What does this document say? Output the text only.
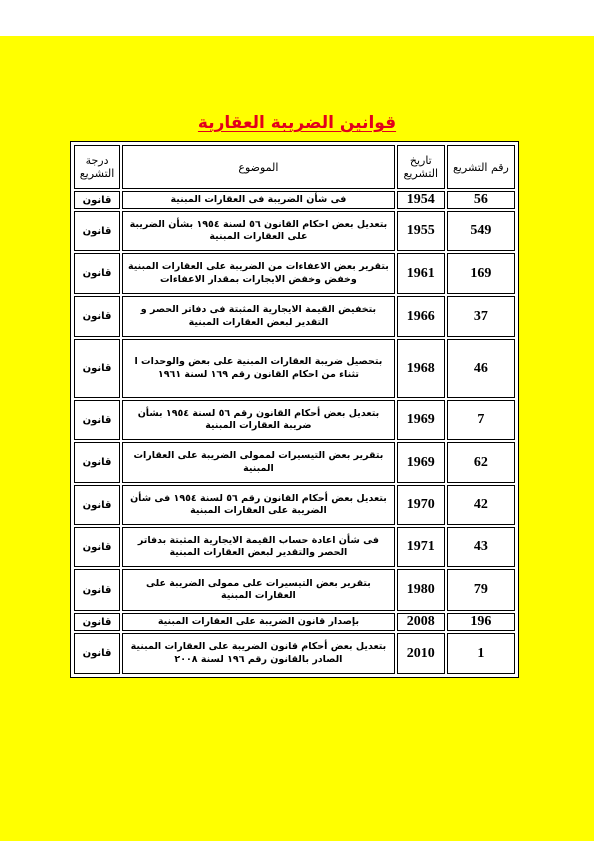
قوانين الضريبة العقارية
رقم التشريع	تاريخ التشريع	الموضوع	درجة التشريع
56	1954	فى شأن الضريبة فى العقارات المبنية	قانون
549	1955	بتعديل بعض احكام القانون ٥٦ لسنة ١٩٥٤ بشأن الضريبة على العقارات المبنية	قانون
169	1961	بتقرير بعض الاعفاءات من الضريبة على العقارات المبنية وخفض وخفض الايجارات بمقدار الاعفاءات	قانون
37	1966	بتخفيض القيمة الايجارية المثبتة فى دفاتر الحصر و التقدير لبعض العقارات المبنية	قانون
46	1968	بتحصيل ضريبة العقارات المبنية على بعض والوحدات ا تثناء من احكام القانون رقم ١٦٩ لسنة ١٩٦١	قانون
7	1969	بتعديل بعض أحكام القانون رقم ٥٦ لسنة ١٩٥٤ بشأن ضريبة العقارات المبنية	قانون
62	1969	بتقرير بعض التيسيرات لممولى الضريبة على العقارات المبنية	قانون
42	1970	بتعديل بعض أحكام القانون رقم ٥٦ لسنة ١٩٥٤ فى شأن الضريبة على العقارات المبنية	قانون
43	1971	فى شأن اعادة حساب القيمة الايجارية المثبتة بدفاتر الحصر والتقدير لبعض العقارات المبنية	قانون
79	1980	بتقرير بعض التيسيرات على ممولى الضريبة على العقارات المبنية	قانون
196	2008	بإصدار قانون الضريبة على العقارات المبنية	قانون
1	2010	بتعديل بعض أحكام قانون الضريبة على العقارات المبنية الصادر بالقانون رقم ١٩٦ لسنة ٢٠٠٨	قانون
